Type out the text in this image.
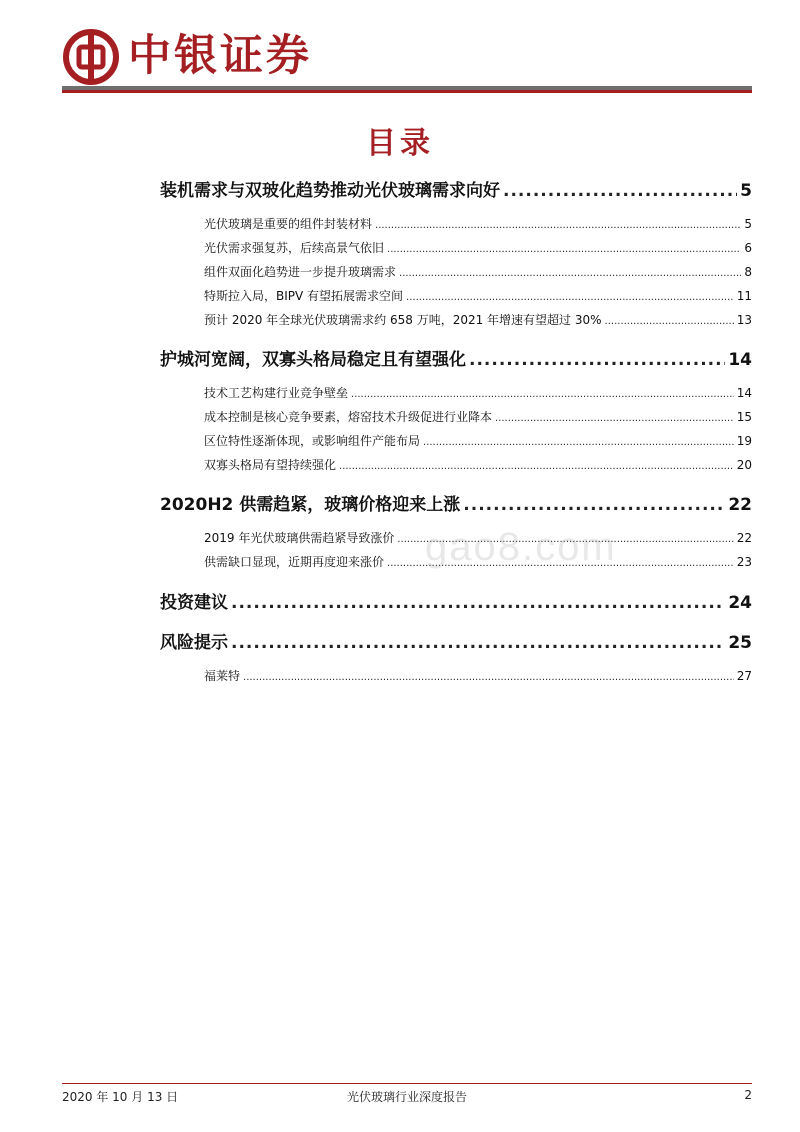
中银证券
目录
装机需求与双玻化趋势推动光伏玻璃需求向好 .....	5
光伏玻璃是重要的组件封装材料 .....	5
光伏需求强复苏，后续高景气依旧 .....	6
组件双面化趋势进一步提升玻璃需求 .....	8
特斯拉入局，BIPV 有望拓展需求空间 .....	11
预计 2020 年全球光伏玻璃需求约 658 万吨，2021 年增速有望超过 30% .....	13
护城河宽阔，双寡头格局稳定且有望强化 .....	14
技术工艺构建行业竞争壁垒 .....	14
成本控制是核心竞争要素，熔窑技术升级促进行业降本 .....	15
区位特性逐渐体现，或影响组件产能布局 .....	19
双寡头格局有望持续强化 .....	20
2020H2 供需趋紧，玻璃价格迎来上涨 .....	22
2019 年光伏玻璃供需趋紧导致涨价 .....	22
供需缺口显现，近期再度迎来涨价 .....	23
投资建议 .....	24
风险提示 .....	25
福莱特 .....	27
gao8.com
2020 年 10 月 13 日	光伏玻璃行业深度报告	2
